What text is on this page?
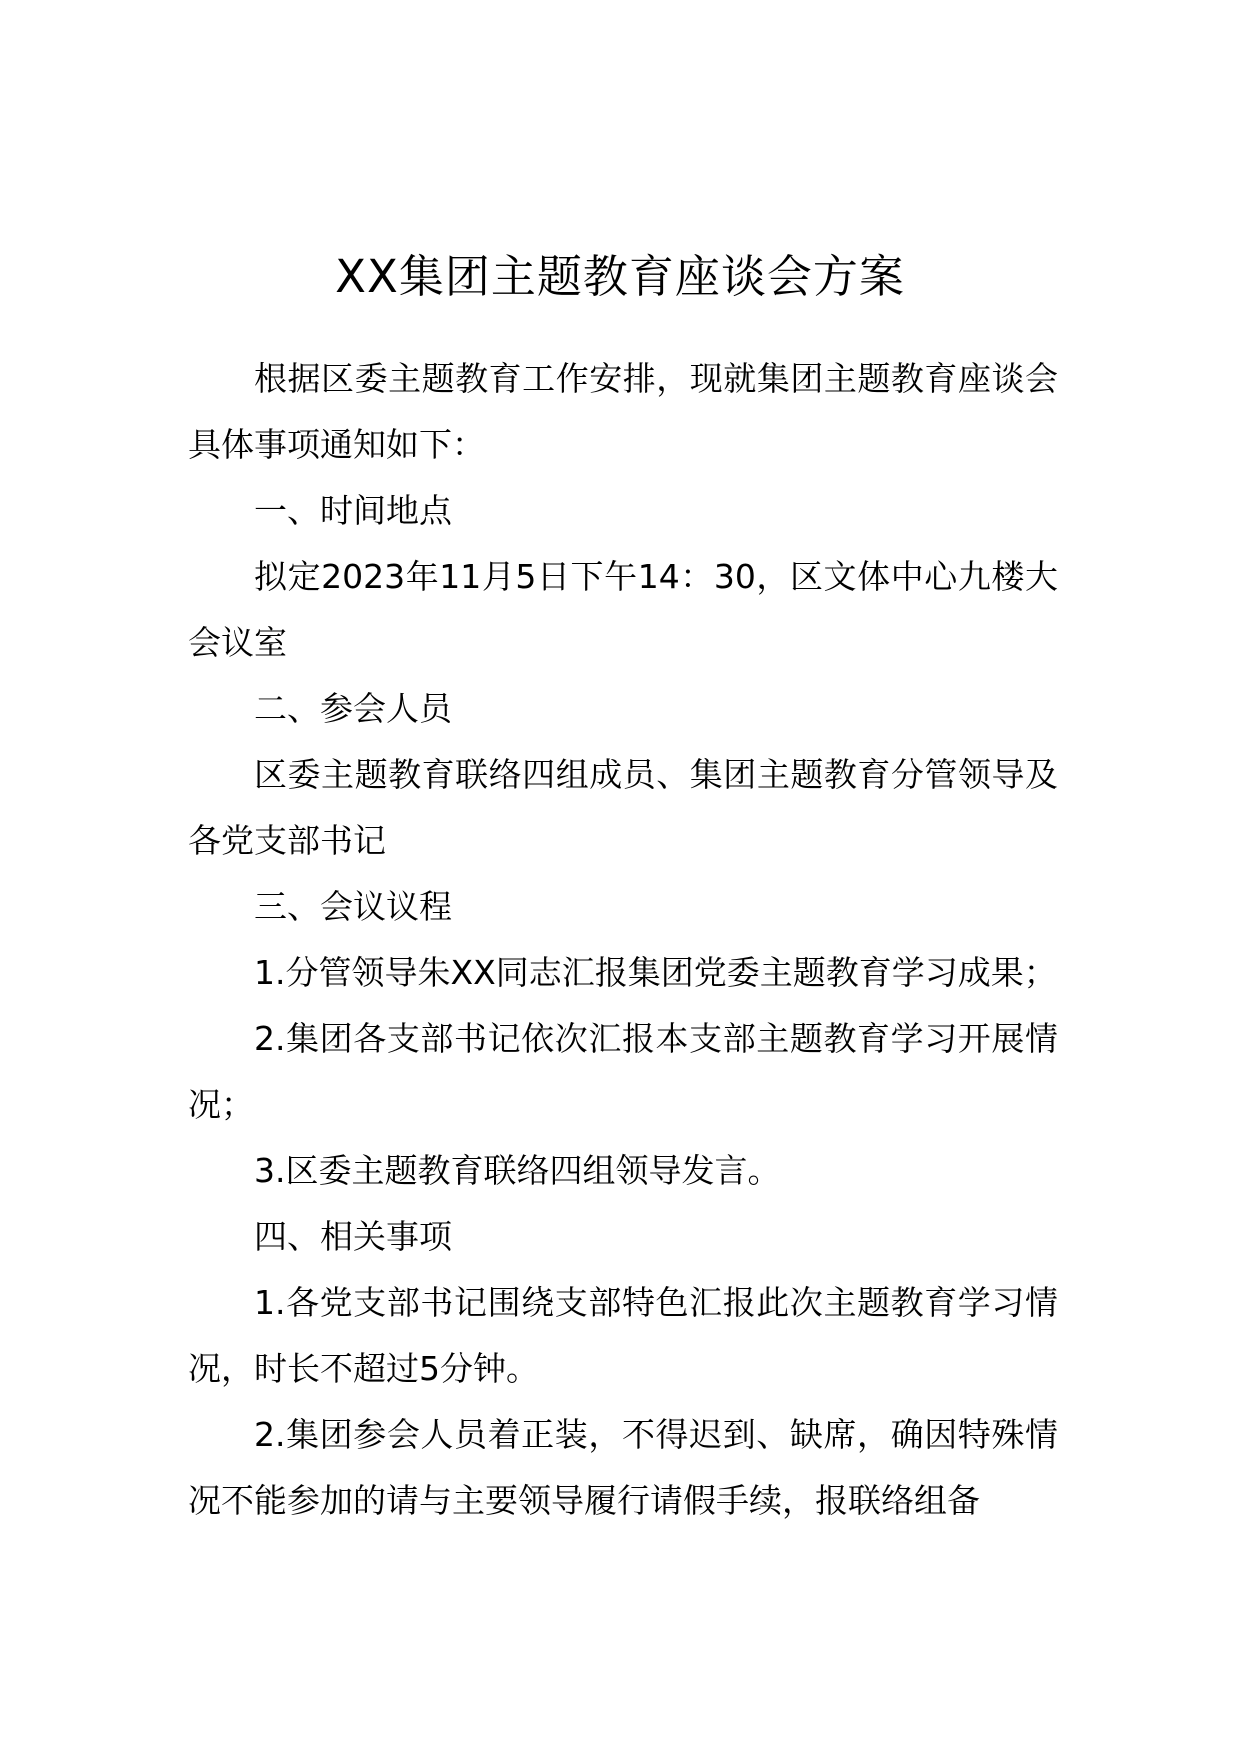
XX集团主题教育座谈会方案

根据区委主题教育工作安排，现就集团主题教育座谈会具体事项通知如下：

一、时间地点

拟定2023年11月5日下午14：30，区文体中心九楼大会议室

二、参会人员

区委主题教育联络四组成员、集团主题教育分管领导及各党支部书记

三、会议议程

1.分管领导朱XX同志汇报集团党委主题教育学习成果；

2.集团各支部书记依次汇报本支部主题教育学习开展情况；

3.区委主题教育联络四组领导发言。

四、相关事项

1.各党支部书记围绕支部特色汇报此次主题教育学习情况，时长不超过5分钟。

2.集团参会人员着正装，不得迟到、缺席，确因特殊情况不能参加的请与主要领导履行请假手续，报联络组备
